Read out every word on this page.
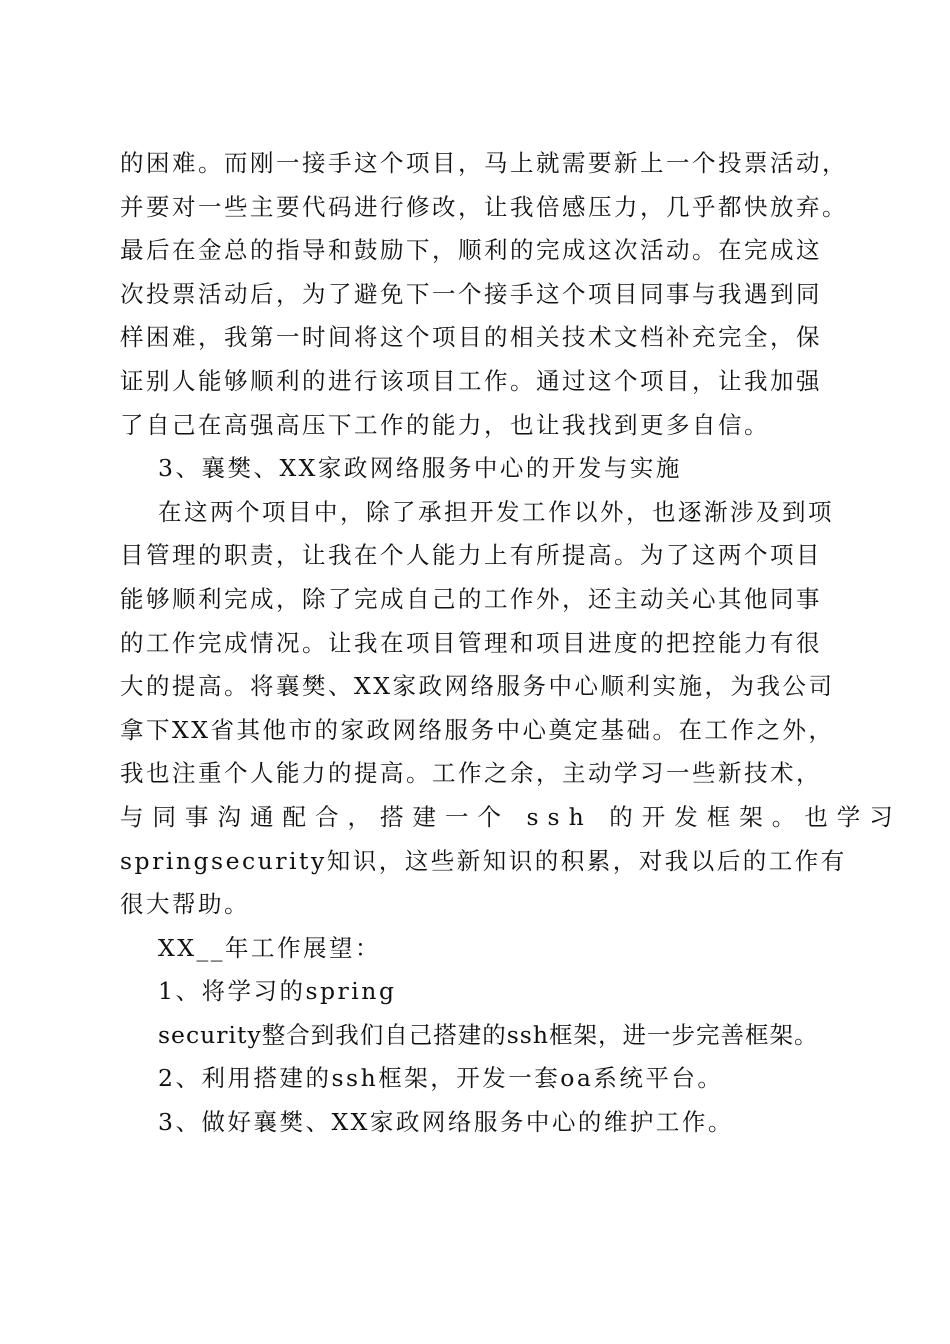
的困难。而刚一接手这个项目，马上就需要新上一个投票活动，
并要对一些主要代码进行修改，让我倍感压力，几乎都快放弃。
最后在金总的指导和鼓励下，顺利的完成这次活动。在完成这
次投票活动后，为了避免下一个接手这个项目同事与我遇到同
样困难，我第一时间将这个项目的相关技术文档补充完全，保
证别人能够顺利的进行该项目工作。通过这个项目，让我加强
了自己在高强高压下工作的能力，也让我找到更多自信。
3、襄樊、XX家政网络服务中心的开发与实施
在这两个项目中，除了承担开发工作以外，也逐渐涉及到项
目管理的职责，让我在个人能力上有所提高。为了这两个项目
能够顺利完成，除了完成自己的工作外，还主动关心其他同事
的工作完成情况。让我在项目管理和项目进度的把控能力有很
大的提高。将襄樊、XX家政网络服务中心顺利实施，为我公司
拿下XX省其他市的家政网络服务中心奠定基础。在工作之外，
我也注重个人能力的提高。工作之余，主动学习一些新技术，
与同事沟通配合，搭建一个 ssh 的开发框架。也学习
springsecurity知识，这些新知识的积累，对我以后的工作有
很大帮助。
XX__年工作展望：
1、将学习的spring
security整合到我们自己搭建的ssh框架，进一步完善框架。
2、利用搭建的ssh框架，开发一套oa系统平台。
3、做好襄樊、XX家政网络服务中心的维护工作。
